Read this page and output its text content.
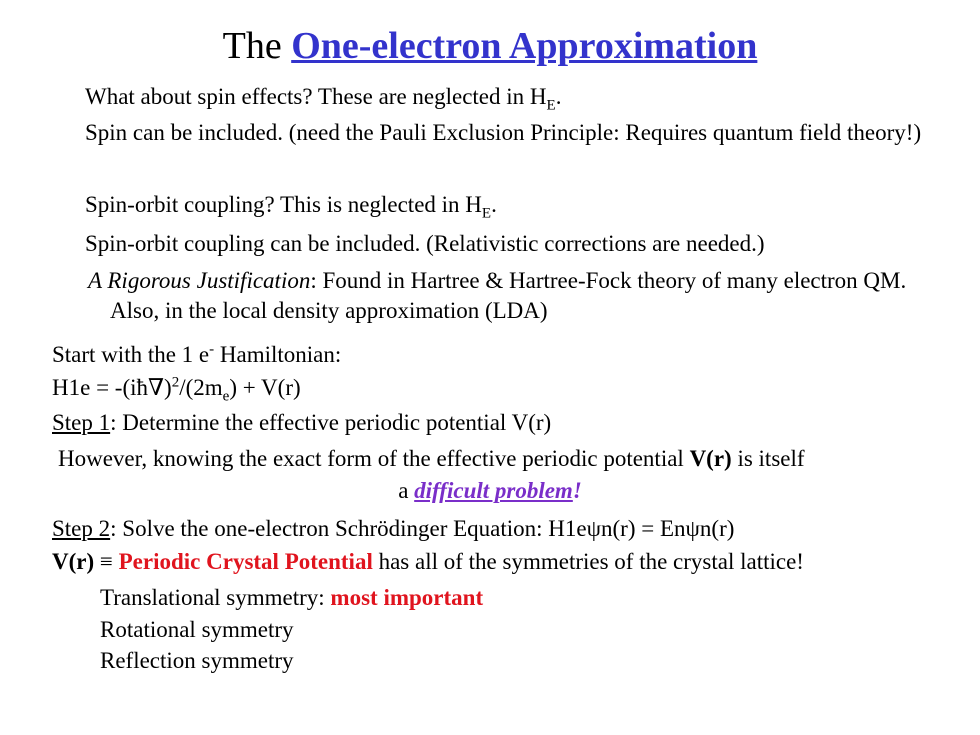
The One-electron Approximation
What about spin effects? These are neglected in $H_E$.
Spin can be included. (need the Pauli Exclusion Principle: Requires quantum field theory!)
Spin-orbit coupling? This is neglected in $H_E$.
Spin-orbit coupling can be included. (Relativistic corrections are needed.)
A Rigorous Justification: Found in Hartree & Hartree-Fock theory of many electron QM. Also, in the local density approximation (LDA)
Start with the 1 e- Hamiltonian:
$H1e = -(iħ\nabla)^2/(2m_e) + V(r)$
Step 1: Determine the effective periodic potential V(r)
However, knowing the exact form of the effective periodic potential V(r) is itself
a difficult problem!
Step 2: Solve the one-electron Schrödinger Equation: H1eψn(r) = Enψn(r)
V(r) ≡ Periodic Crystal Potential has all of the symmetries of the crystal lattice!
Translational symmetry: most important
Rotational symmetry
Reflection symmetry
